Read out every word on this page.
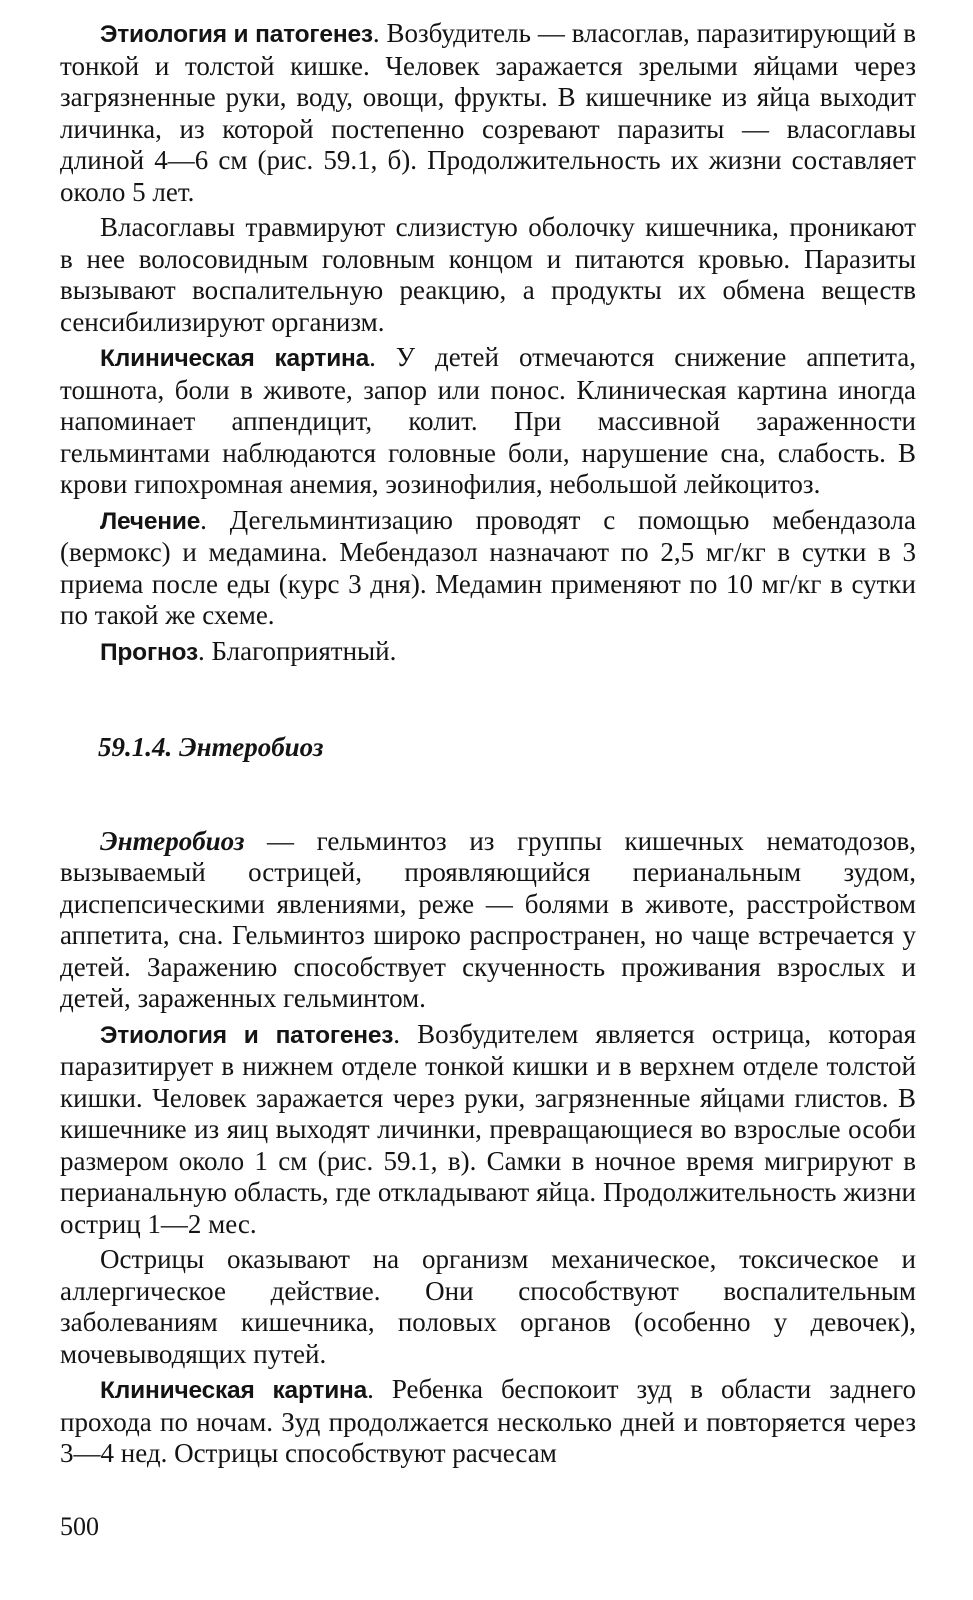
Этиология и патогенез. Возбудитель — власоглав, паразитирующий в тонкой и толстой кишке. Человек заражается зрелыми яйцами через загрязненные руки, воду, овощи, фрукты. В кишечнике из яйца выходит личинка, из которой постепенно созревают паразиты — власоглавы длиной 4—6 см (рис. 59.1, б). Продолжительность их жизни составляет около 5 лет.

Власоглавы травмируют слизистую оболочку кишечника, проникают в нее волосовидным головным концом и питаются кровью. Паразиты вызывают воспалительную реакцию, а продукты их обмена веществ сенсибилизируют организм.

Клиническая картина. У детей отмечаются снижение аппетита, тошнота, боли в животе, запор или понос. Клиническая картина иногда напоминает аппендицит, колит. При массивной зараженности гельминтами наблюдаются головные боли, нарушение сна, слабость. В крови гипохромная анемия, эозинофилия, небольшой лейкоцитоз.

Лечение. Дегельминтизацию проводят с помощью мебендазола (вермокс) и медамина. Мебендазол назначают по 2,5 мг/кг в сутки в 3 приема после еды (курс 3 дня). Медамин применяют по 10 мг/кг в сутки по такой же схеме.

Прогноз. Благоприятный.

59.1.4. Энтеробиоз

Энтеробиоз — гельминтоз из группы кишечных нематодозов, вызываемый острицей, проявляющийся перианальным зудом, диспепсическими явлениями, реже — болями в животе, расстройством аппетита, сна. Гельминтоз широко распространен, но чаще встречается у детей. Заражению способствует скученность проживания взрослых и детей, зараженных гельминтом.

Этиология и патогенез. Возбудителем является острица, которая паразитирует в нижнем отделе тонкой кишки и в верхнем отделе толстой кишки. Человек заражается через руки, загрязненные яйцами глистов. В кишечнике из яиц выходят личинки, превращающиеся во взрослые особи размером около 1 см (рис. 59.1, в). Самки в ночное время мигрируют в перианальную область, где откладывают яйца. Продолжительность жизни остриц 1—2 мес.

Острицы оказывают на организм механическое, токсическое и аллергическое действие. Они способствуют воспалительным заболеваниям кишечника, половых органов (особенно у девочек), мочевыводящих путей.

Клиническая картина. Ребенка беспокоит зуд в области заднего прохода по ночам. Зуд продолжается несколько дней и повторяется через 3—4 нед. Острицы способствуют расчесам

500
